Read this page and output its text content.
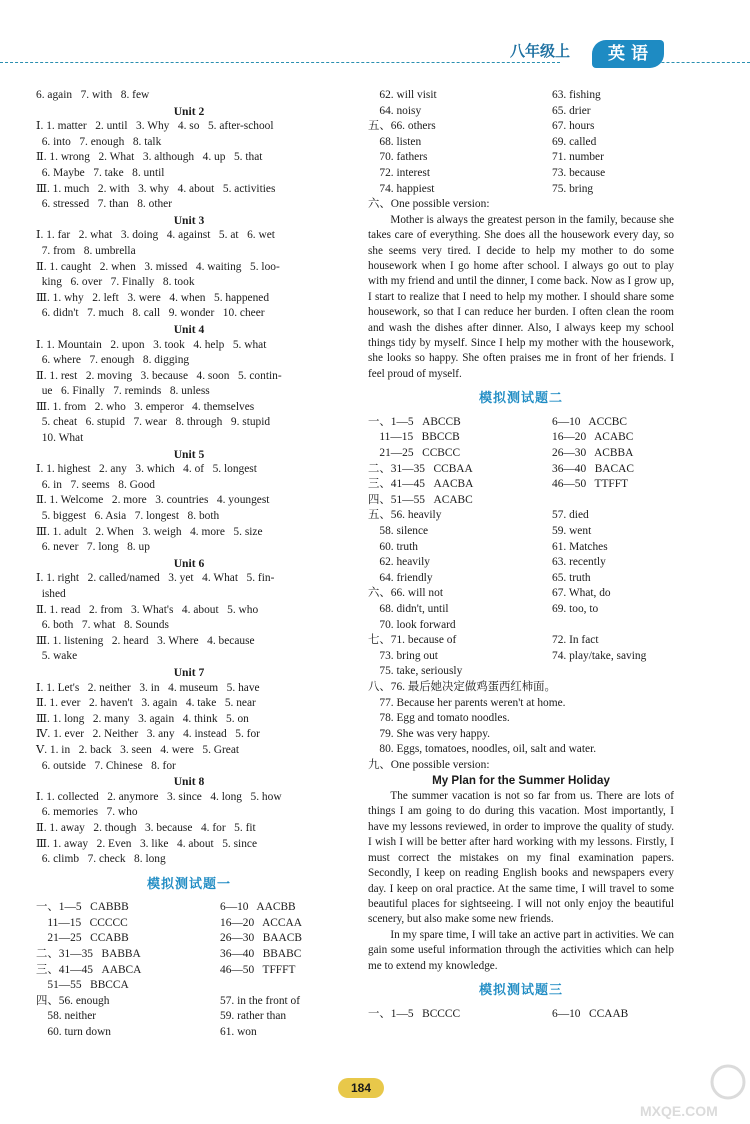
八年级上	英 语
6. again   7. with   8. few
Unit 2
Ⅰ. 1. matter   2. until   3. Why   4. so   5. after-school
6. into   7. enough   8. talk
Ⅱ. 1. wrong   2. What   3. although   4. up   5. that
6. Maybe   7. take   8. until
Ⅲ. 1. much   2. with   3. why   4. about   5. activities
6. stressed   7. than   8. other
Unit 3
Ⅰ. 1. far   2. what   3. doing   4. against   5. at   6. wet
7. from   8. umbrella
Ⅱ. 1. caught   2. when   3. missed   4. waiting   5. loo-
king   6. over   7. Finally   8. took
Ⅲ. 1. why   2. left   3. were   4. when   5. happened
6. didn't   7. much   8. call   9. wonder   10. cheer
Unit 4
Ⅰ. 1. Mountain   2. upon   3. took   4. help   5. what
6. where   7. enough   8. digging
Ⅱ. 1. rest   2. moving   3. because   4. soon   5. contin-
ue   6. Finally   7. reminds   8. unless
Ⅲ. 1. from   2. who   3. emperor   4. themselves
5. cheat   6. stupid   7. wear   8. through   9. stupid
10. What
Unit 5
Ⅰ. 1. highest   2. any   3. which   4. of   5. longest
6. in   7. seems   8. Good
Ⅱ. 1. Welcome   2. more   3. countries   4. youngest
5. biggest   6. Asia   7. longest   8. both
Ⅲ. 1. adult   2. When   3. weigh   4. more   5. size
6. never   7. long   8. up
Unit 6
Ⅰ. 1. right   2. called/named   3. yet   4. What   5. fin-
ished
Ⅱ. 1. read   2. from   3. What's   4. about   5. who
6. both   7. what   8. Sounds
Ⅲ. 1. listening   2. heard   3. Where   4. because
5. wake
Unit 7
Ⅰ. 1. Let's   2. neither   3. in   4. museum   5. have
Ⅱ. 1. ever   2. haven't   3. again   4. take   5. near
Ⅲ. 1. long   2. many   3. again   4. think   5. on
Ⅳ. 1. ever   2. Neither   3. any   4. instead   5. for
Ⅴ. 1. in   2. back   3. seen   4. were   5. Great
6. outside   7. Chinese   8. for
Unit 8
Ⅰ. 1. collected   2. anymore   3. since   4. long   5. how
6. memories   7. who
Ⅱ. 1. away   2. though   3. because   4. for   5. fit
Ⅲ. 1. away   2. Even   3. like   4. about   5. since
6. climb   7. check   8. long
模拟测试题一
一、1—5   CABBB	6—10   AACBB
11—15   CCCCC	16—20   ACCAA
21—25   CCABB	26—30   BAACB
二、31—35   BABBA	36—40   BBABC
三、41—45   AABCA	46—50   TFFFT
51—55   BBCCA
四、56. enough	57. in the front of
58. neither	59. rather than
60. turn down	61. won
62. will visit	63. fishing
64. noisy	65. drier
五、66. others	67. hours
68. listen	69. called
70. fathers	71. number
72. interest	73. because
74. happiest	75. bring
六、One possible version:
Mother is always the greatest person in the family, because she takes care of everything. She does all the housework every day, so she seems very tired. I decide to help my mother to do some housework when I go home after school. I always go out to play with my friend and until the dinner, I come back. Now as I grow up, I start to realize that I need to help my mother. I should share some housework, so that I can reduce her burden. I often clean the room and wash the dishes after dinner. Also, I always keep my school things tidy by myself. Since I help my mother with the housework, she looks so happy. She often praises me in front of her friends. I feel proud of myself.
模拟测试题二
一、1—5   ABCCB	6—10   ACCBC
11—15   BBCCB	16—20   ACABC
21—25   CCBCC	26—30   ACBBA
二、31—35   CCBAA	36—40   BACAC
三、41—45   AACBA	46—50   TTFFT
四、51—55   ACABC
五、56. heavily	57. died
58. silence	59. went
60. truth	61. Matches
62. heavily	63. recently
64. friendly	65. truth
六、66. will not	67. What, do
68. didn't, until	69. too, to
70. look forward
七、71. because of	72. In fact
73. bring out	74. play/take, saving
75. take, seriously
八、76. 最后她决定做鸡蛋西红柿面。
77. Because her parents weren't at home.
78. Egg and tomato noodles.
79. She was very happy.
80. Eggs, tomatoes, noodles, oil, salt and water.
九、One possible version:
My Plan for the Summer Holiday
The summer vacation is not so far from us. There are lots of things I am going to do during this vacation. Most importantly, I have my lessons reviewed, in order to improve the quality of study. I wish I will be better after hard working with my lessons. Firstly, I must correct the mistakes on my final examination papers. Secondly, I keep on reading English books and newspapers every day. I keep on oral practice. At the same time, I will travel to some beautiful places for sightseeing. I will not only enjoy the beautiful scenery, but also make some new friends.
In my spare time, I will take an active part in activities. We can gain some useful information through the activities which can help me to extend my knowledge.
模拟测试题三
一、1—5   BCCCC	6—10   CCAAB
184
MXQE.COM
